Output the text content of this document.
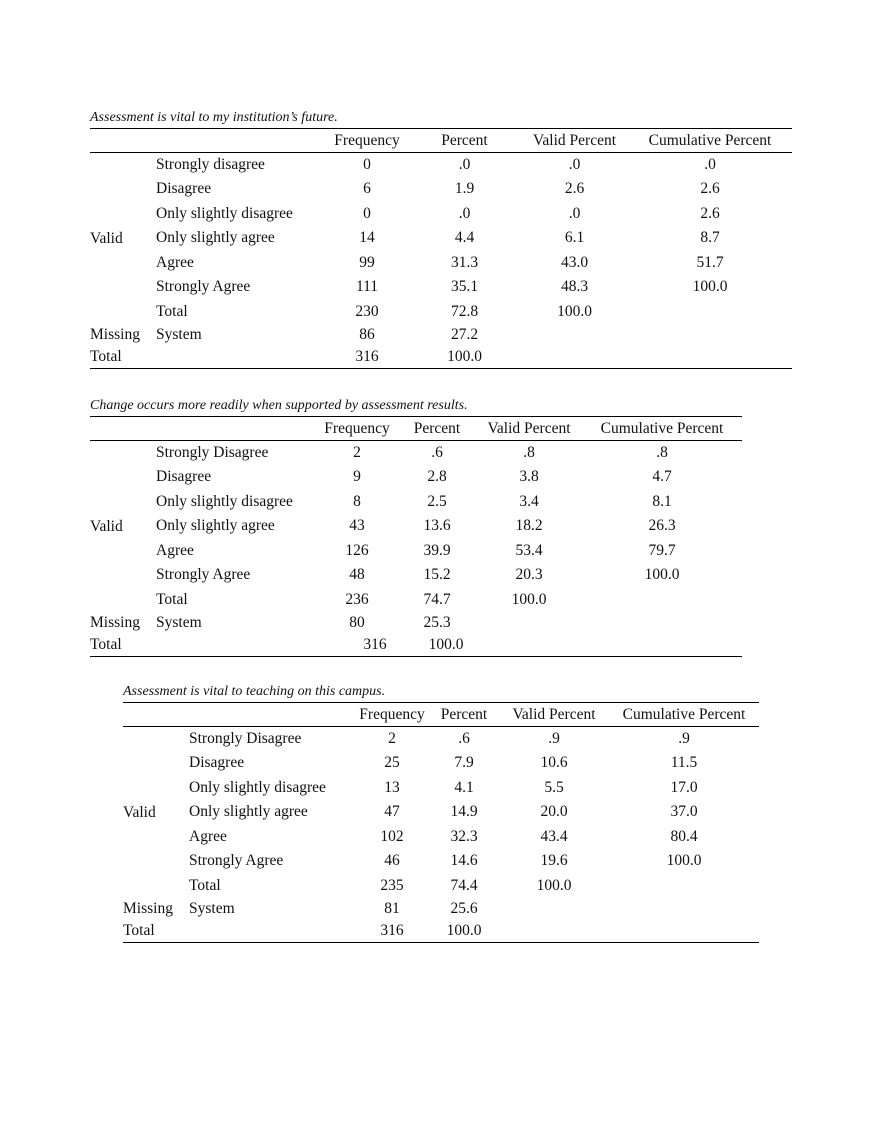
Assessment is vital to my institution’s future.
		Frequency	Percent	Valid Percent	Cumulative Percent
Valid	Strongly disagree	0	.0	.0	.0
	Disagree	6	1.9	2.6	2.6
	Only slightly disagree	0	.0	.0	2.6
	Only slightly agree	14	4.4	6.1	8.7
	Agree	99	31.3	43.0	51.7
	Strongly Agree	111	35.1	48.3	100.0
	Total	230	72.8	100.0	
Missing	System	86	27.2		
Total		316	100.0		
Change occurs more readily when supported by assessment results.
		Frequency	Percent	Valid Percent	Cumulative Percent
Valid	Strongly Disagree	2	.6	.8	.8
	Disagree	9	2.8	3.8	4.7
	Only slightly disagree	8	2.5	3.4	8.1
	Only slightly agree	43	13.6	18.2	26.3
	Agree	126	39.9	53.4	79.7
	Strongly Agree	48	15.2	20.3	100.0
	Total	236	74.7	100.0	
Missing	System	80	25.3		
Total		316	100.0		
Assessment is vital to teaching on this campus.
		Frequency	Percent	Valid Percent	Cumulative Percent
Valid	Strongly Disagree	2	.6	.9	.9
	Disagree	25	7.9	10.6	11.5
	Only slightly disagree	13	4.1	5.5	17.0
	Only slightly agree	47	14.9	20.0	37.0
	Agree	102	32.3	43.4	80.4
	Strongly Agree	46	14.6	19.6	100.0
	Total	235	74.4	100.0	
Missing	System	81	25.6		
Total		316	100.0		
